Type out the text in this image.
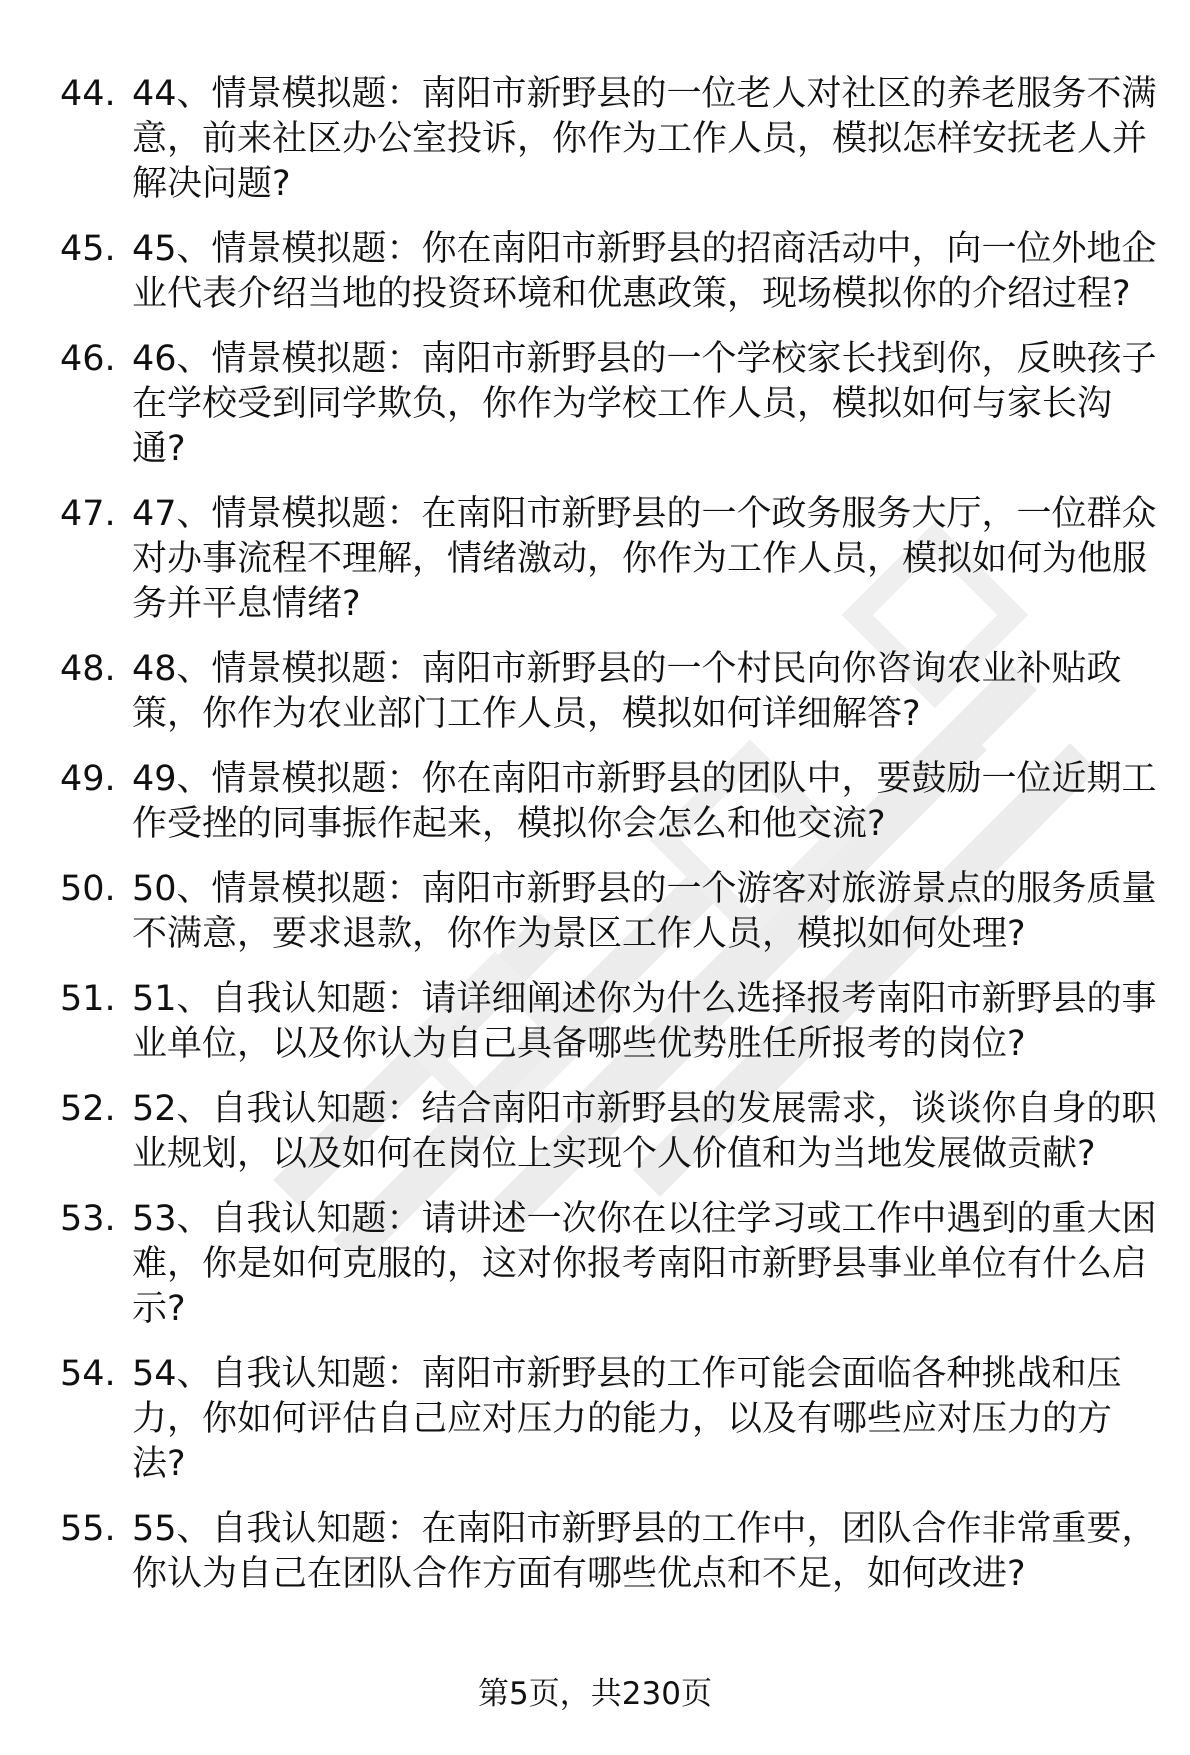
44. 44、情景模拟题：南阳市新野县的一位老人对社区的养老服务不满意，前来社区办公室投诉，你作为工作人员，模拟怎样安抚老人并解决问题?
45. 45、情景模拟题：你在南阳市新野县的招商活动中，向一位外地企业代表介绍当地的投资环境和优惠政策，现场模拟你的介绍过程?
46. 46、情景模拟题：南阳市新野县的一个学校家长找到你，反映孩子在学校受到同学欺负，你作为学校工作人员，模拟如何与家长沟通?
47. 47、情景模拟题：在南阳市新野县的一个政务服务大厅，一位群众对办事流程不理解，情绪激动，你作为工作人员，模拟如何为他服务并平息情绪?
48. 48、情景模拟题：南阳市新野县的一个村民向你咨询农业补贴政策，你作为农业部门工作人员，模拟如何详细解答?
49. 49、情景模拟题：你在南阳市新野县的团队中，要鼓励一位近期工作受挫的同事振作起来，模拟你会怎么和他交流?
50. 50、情景模拟题：南阳市新野县的一个游客对旅游景点的服务质量不满意，要求退款，你作为景区工作人员，模拟如何处理?
51. 51、自我认知题：请详细阐述你为什么选择报考南阳市新野县的事业单位，以及你认为自己具备哪些优势胜任所报考的岗位?
52. 52、自我认知题：结合南阳市新野县的发展需求，谈谈你自身的职业规划，以及如何在岗位上实现个人价值和为当地发展做贡献?
53. 53、自我认知题：请讲述一次你在以往学习或工作中遇到的重大困难，你是如何克服的，这对你报考南阳市新野县事业单位有什么启示?
54. 54、自我认知题：南阳市新野县的工作可能会面临各种挑战和压力，你如何评估自己应对压力的能力，以及有哪些应对压力的方法?
55. 55、自我认知题：在南阳市新野县的工作中，团队合作非常重要，你认为自己在团队合作方面有哪些优点和不足，如何改进?
第5页，共230页
